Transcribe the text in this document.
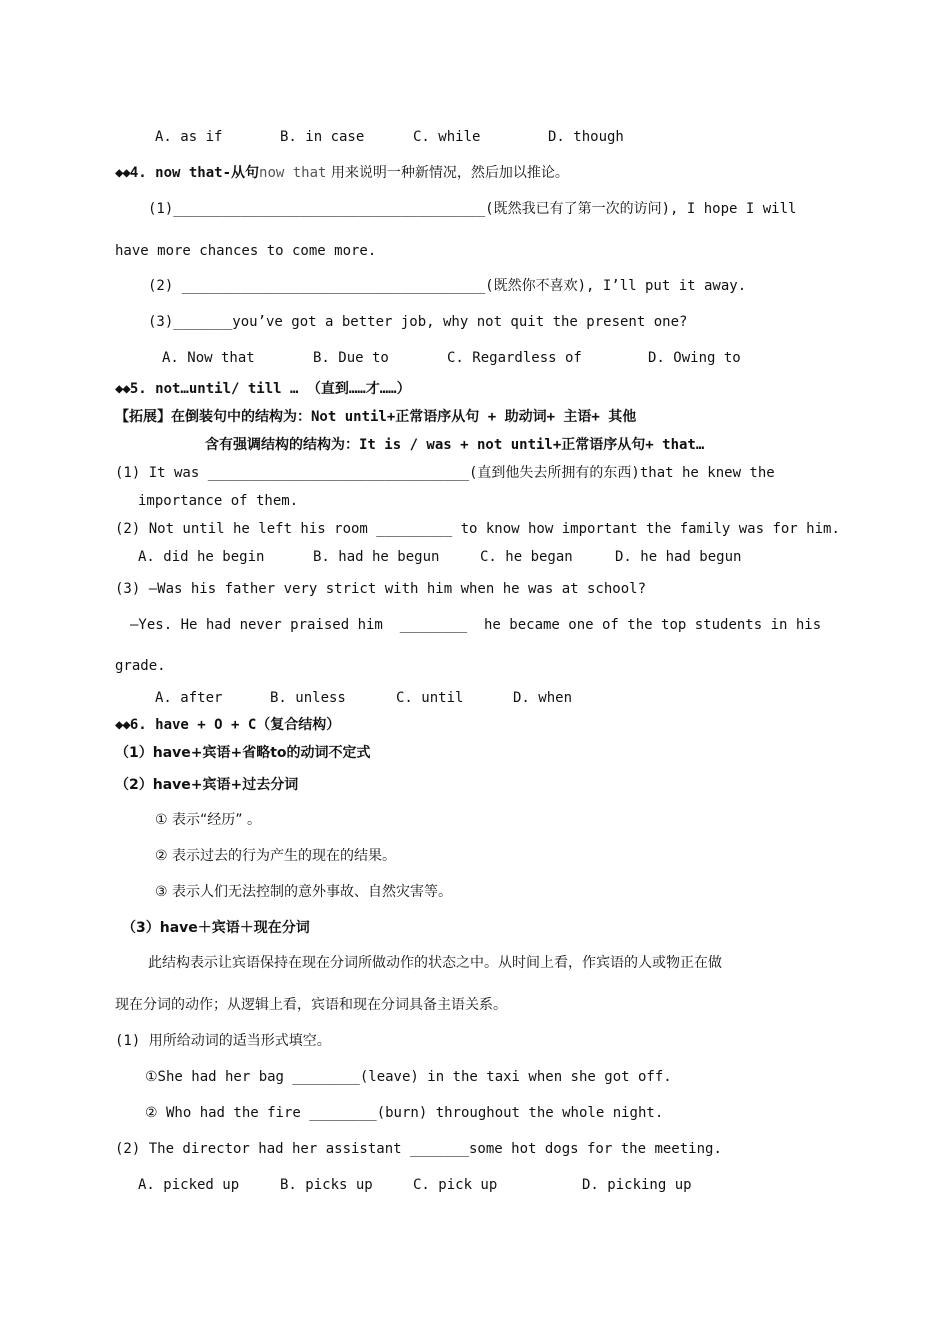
A. as if	B. in case	C. while	D. though
◆◆4. now that-从句now that 用来说明一种新情况，然后加以推论。
(1)_____________________________________(既然我已有了第一次的访问), I hope I will
have more chances to come more.
(2) ____________________________________(既然你不喜欢), I’ll put it away.
(3)_______you’ve got a better job, why not quit the present one?
A. Now that	B. Due to	C. Regardless of	D. Owing to
◆◆5. not…until/ till … （直到……才……）
【拓展】在倒装句中的结构为：Not until+正常语序从句 + 助动词+ 主语+ 其他
含有强调结构的结构为：It is / was + not until+正常语序从句+ that…
(1) It was _______________________________(直到他失去所拥有的东西)that he knew the
importance of them.
(2) Not until he left his room _________ to know how important the family was for him.
A. did he begin	B. had he begun	C. he began	D. he had begun
(3) —Was his father very strict with him when he was at school?
—Yes. He had never praised him  ________  he became one of the top students in his
grade.
A. after	B. unless	C. until	D. when
◆◆6. have + O + C（复合结构）
（1）have+宾语+省略to的动词不定式
（2）have+宾语+过去分词
① 表示“经历” 。
② 表示过去的行为产生的现在的结果。
③ 表示人们无法控制的意外事故、自然灾害等。
（3）have＋宾语＋现在分词
此结构表示让宾语保持在现在分词所做动作的状态之中。从时间上看，作宾语的人或物正在做
现在分词的动作；从逻辑上看，宾语和现在分词具备主语关系。
(1) 用所给动词的适当形式填空。
①She had her bag ________(leave) in the taxi when she got off.
② Who had the fire ________(burn) throughout the whole night.
(2) The director had her assistant _______some hot dogs for the meeting.
A. picked up	B. picks up	C. pick up	D. picking up
